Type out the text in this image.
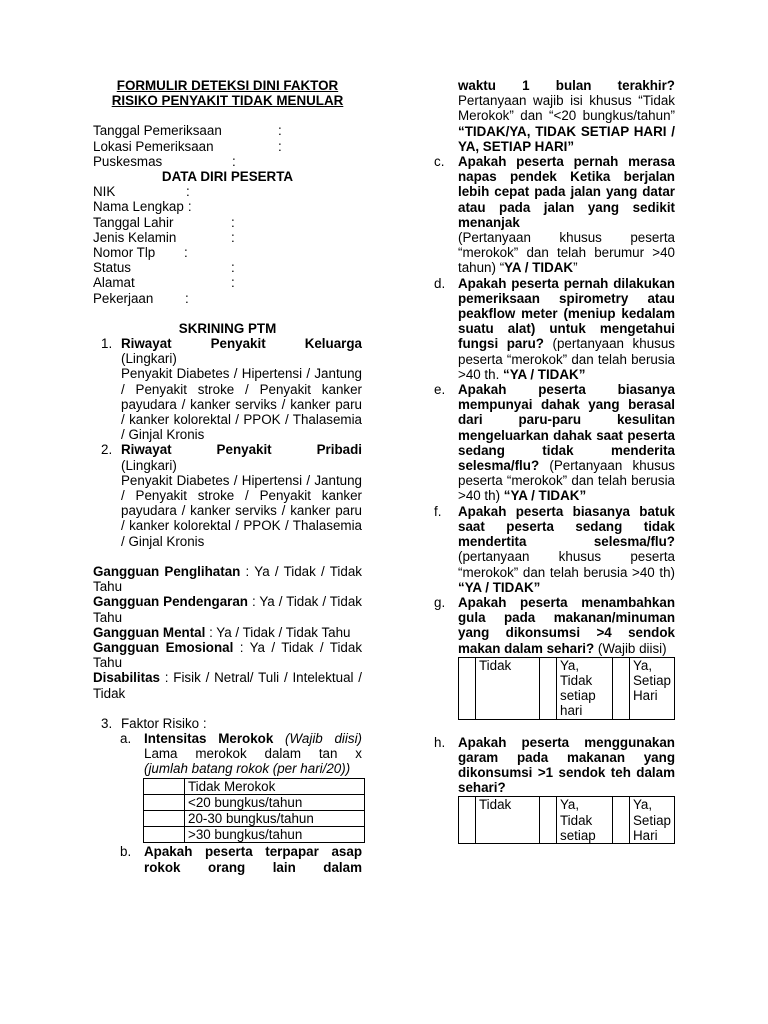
FORMULIR DETEKSI DINI FAKTOR
RISIKO PENYAKIT TIDAK MENULAR
Tanggal Pemeriksaan	:
Lokasi Pemeriksaan	:
Puskesmas	:
DATA DIRI PESERTA
NIK	:
Nama Lengkap :
Tanggal Lahir	:
Jenis Kelamin	:
Nomor Tlp	:
Status	:
Alamat	:
Pekerjaan	:
SKRINING PTM
1. Riwayat Penyakit Keluarga
(Lingkari)
Penyakit Diabetes / Hipertensi / Jantung / Penyakit stroke / Penyakit kanker payudara / kanker serviks / kanker paru / kanker kolorektal / PPOK / Thalasemia / Ginjal Kronis
2. Riwayat Penyakit Pribadi
(Lingkari)
Penyakit Diabetes / Hipertensi / Jantung / Penyakit stroke / Penyakit kanker payudara / kanker serviks / kanker paru / kanker kolorektal / PPOK / Thalasemia / Ginjal Kronis
Gangguan Penglihatan : Ya / Tidak / Tidak Tahu
Gangguan Pendengaran : Ya / Tidak / Tidak Tahu
Gangguan Mental : Ya / Tidak / Tidak Tahu
Gangguan Emosional : Ya / Tidak / Tidak Tahu
Disabilitas : Fisik / Netral/ Tuli / Intelektual / Tidak
3. Faktor Risiko :
a. Intensitas Merokok (Wajib diisi)
Lama merokok dalam tan x
(jumlah batang rokok (per hari/20))
	Tidak Merokok
	<20 bungkus/tahun
	20-30 bungkus/tahun
	>30 bungkus/tahun
b. Apakah peserta terpapar asap rokok orang lain dalam
waktu 1 bulan terakhir?
Pertanyaan wajib isi khusus “Tidak Merokok” dan “<20 bungkus/tahun” “TIDAK/YA, TIDAK SETIAP HARI / YA, SETIAP HARI”
c. Apakah peserta pernah merasa napas pendek Ketika berjalan lebih cepat pada jalan yang datar atau pada jalan yang sedikit menanjak
(Pertanyaan khusus peserta “merokok” dan telah berumur >40 tahun) “YA / TIDAK”
d. Apakah peserta pernah dilakukan pemeriksaan spirometry atau peakflow meter (meniup kedalam suatu alat) untuk mengetahui fungsi paru? (pertanyaan khusus peserta “merokok” dan telah berusia >40 th. “YA / TIDAK”
e. Apakah peserta biasanya mempunyai dahak yang berasal dari paru-paru kesulitan mengeluarkan dahak saat peserta sedang tidak menderita selesma/flu? (Pertanyaan khusus peserta “merokok” dan telah berusia >40 th) “YA / TIDAK”
f. Apakah peserta biasanya batuk saat peserta sedang tidak mendertita selesma/flu? (pertanyaan khusus peserta “merokok” dan telah berusia >40 th) “YA / TIDAK”
g. Apakah peserta menambahkan gula pada makanan/minuman yang dikonsumsi >4 sendok makan dalam sehari? (Wajib diisi)
	Tidak		Ya, Tidak setiap hari		Ya, Setiap Hari
h. Apakah peserta menggunakan garam pada makanan yang dikonsumsi >1 sendok teh dalam sehari?
	Tidak		Ya, Tidak setiap		Ya, Setiap Hari
